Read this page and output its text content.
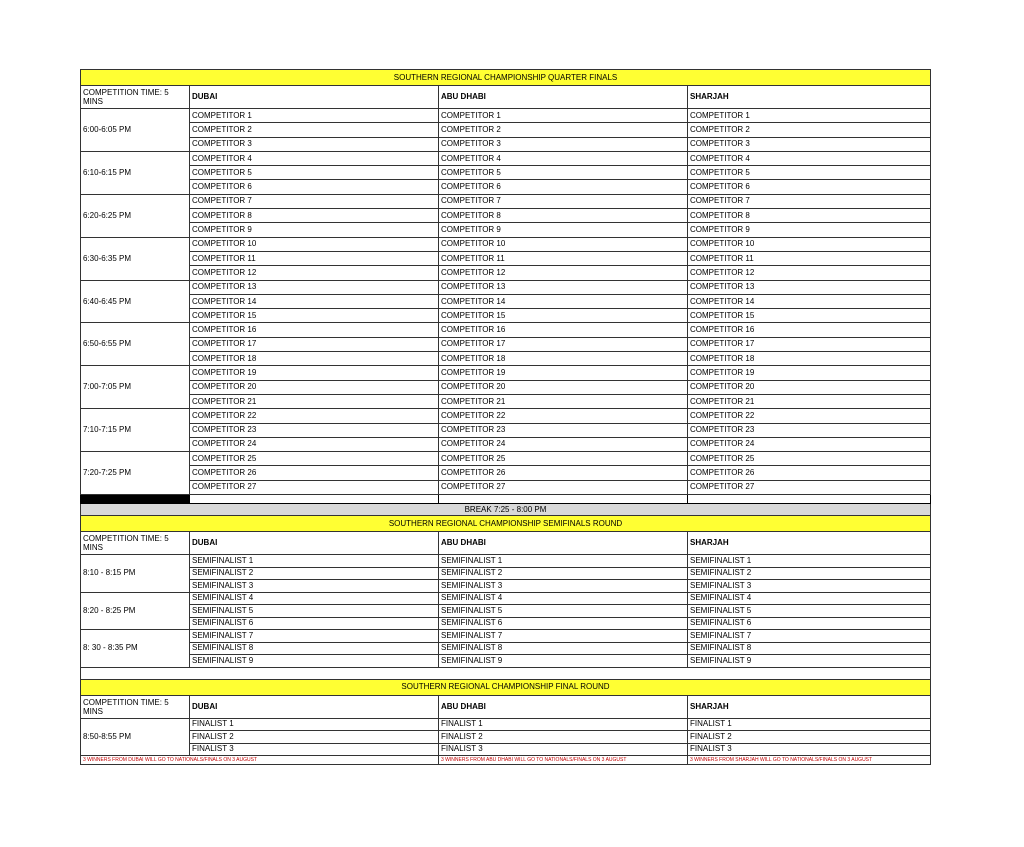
SOUTHERN REGIONAL CHAMPIONSHIP QUARTER FINALS			
COMPETITION TIME: 5 MINS	DUBAI	ABU DHABI	SHARJAH
6:00-6:05 PM	COMPETITOR 1	COMPETITOR 1	COMPETITOR 1
	COMPETITOR 2	COMPETITOR 2	COMPETITOR 2
	COMPETITOR 3	COMPETITOR 3	COMPETITOR 3
6:10-6:15 PM	COMPETITOR 4	COMPETITOR 4	COMPETITOR 4
	COMPETITOR 5	COMPETITOR 5	COMPETITOR 5
	COMPETITOR 6	COMPETITOR 6	COMPETITOR 6
6:20-6:25 PM	COMPETITOR 7	COMPETITOR 7	COMPETITOR 7
	COMPETITOR 8	COMPETITOR 8	COMPETITOR 8
	COMPETITOR 9	COMPETITOR 9	COMPETITOR 9
6:30-6:35 PM	COMPETITOR 10	COMPETITOR 10	COMPETITOR 10
	COMPETITOR 11	COMPETITOR 11	COMPETITOR 11
	COMPETITOR 12	COMPETITOR 12	COMPETITOR 12
6:40-6:45 PM	COMPETITOR 13	COMPETITOR 13	COMPETITOR 13
	COMPETITOR 14	COMPETITOR 14	COMPETITOR 14
	COMPETITOR 15	COMPETITOR 15	COMPETITOR 15
6:50-6:55 PM	COMPETITOR 16	COMPETITOR 16	COMPETITOR 16
	COMPETITOR 17	COMPETITOR 17	COMPETITOR 17
	COMPETITOR 18	COMPETITOR 18	COMPETITOR 18
7:00-7:05 PM	COMPETITOR 19	COMPETITOR 19	COMPETITOR 19
	COMPETITOR 20	COMPETITOR 20	COMPETITOR 20
	COMPETITOR 21	COMPETITOR 21	COMPETITOR 21
7:10-7:15 PM	COMPETITOR 22	COMPETITOR 22	COMPETITOR 22
	COMPETITOR 23	COMPETITOR 23	COMPETITOR 23
	COMPETITOR 24	COMPETITOR 24	COMPETITOR 24
7:20-7:25 PM	COMPETITOR 25	COMPETITOR 25	COMPETITOR 25
	COMPETITOR 26	COMPETITOR 26	COMPETITOR 26
	COMPETITOR 27	COMPETITOR 27	COMPETITOR 27

BREAK 7:25 - 8:00 PM			
SOUTHERN REGIONAL CHAMPIONSHIP SEMIFINALS ROUND			
COMPETITION TIME: 5 MINS	DUBAI	ABU DHABI	SHARJAH
8:10 - 8:15 PM	SEMIFINALIST 1	SEMIFINALIST 1	SEMIFINALIST 1
	SEMIFINALIST 2	SEMIFINALIST 2	SEMIFINALIST 2
	SEMIFINALIST 3	SEMIFINALIST 3	SEMIFINALIST 3
8:20 - 8:25 PM	SEMIFINALIST 4	SEMIFINALIST 4	SEMIFINALIST 4
	SEMIFINALIST 5	SEMIFINALIST 5	SEMIFINALIST 5
	SEMIFINALIST 6	SEMIFINALIST 6	SEMIFINALIST 6
8: 30 - 8:35 PM	SEMIFINALIST 7	SEMIFINALIST 7	SEMIFINALIST 7
	SEMIFINALIST 8	SEMIFINALIST 8	SEMIFINALIST 8
	SEMIFINALIST 9	SEMIFINALIST 9	SEMIFINALIST 9

SOUTHERN REGIONAL CHAMPIONSHIP FINAL ROUND			
COMPETITION TIME: 5 MINS	DUBAI	ABU DHABI	SHARJAH
8:50-8:55 PM	FINALIST 1	FINALIST 1	FINALIST 1
	FINALIST 2	FINALIST 2	FINALIST 2
	FINALIST 3	FINALIST 3	FINALIST 3
3 WINNERS FROM DUBAI WILL GO TO NATIONALS/FINALS ON 3 AUGUST		3 WINNERS FROM ABU DHABI WILL GO TO NATIONALS/FINALS ON 3 AUGUST	3 WINNERS FROM SHARJAH WILL GO TO NATIONALS/FINALS ON 3 AUGUST
